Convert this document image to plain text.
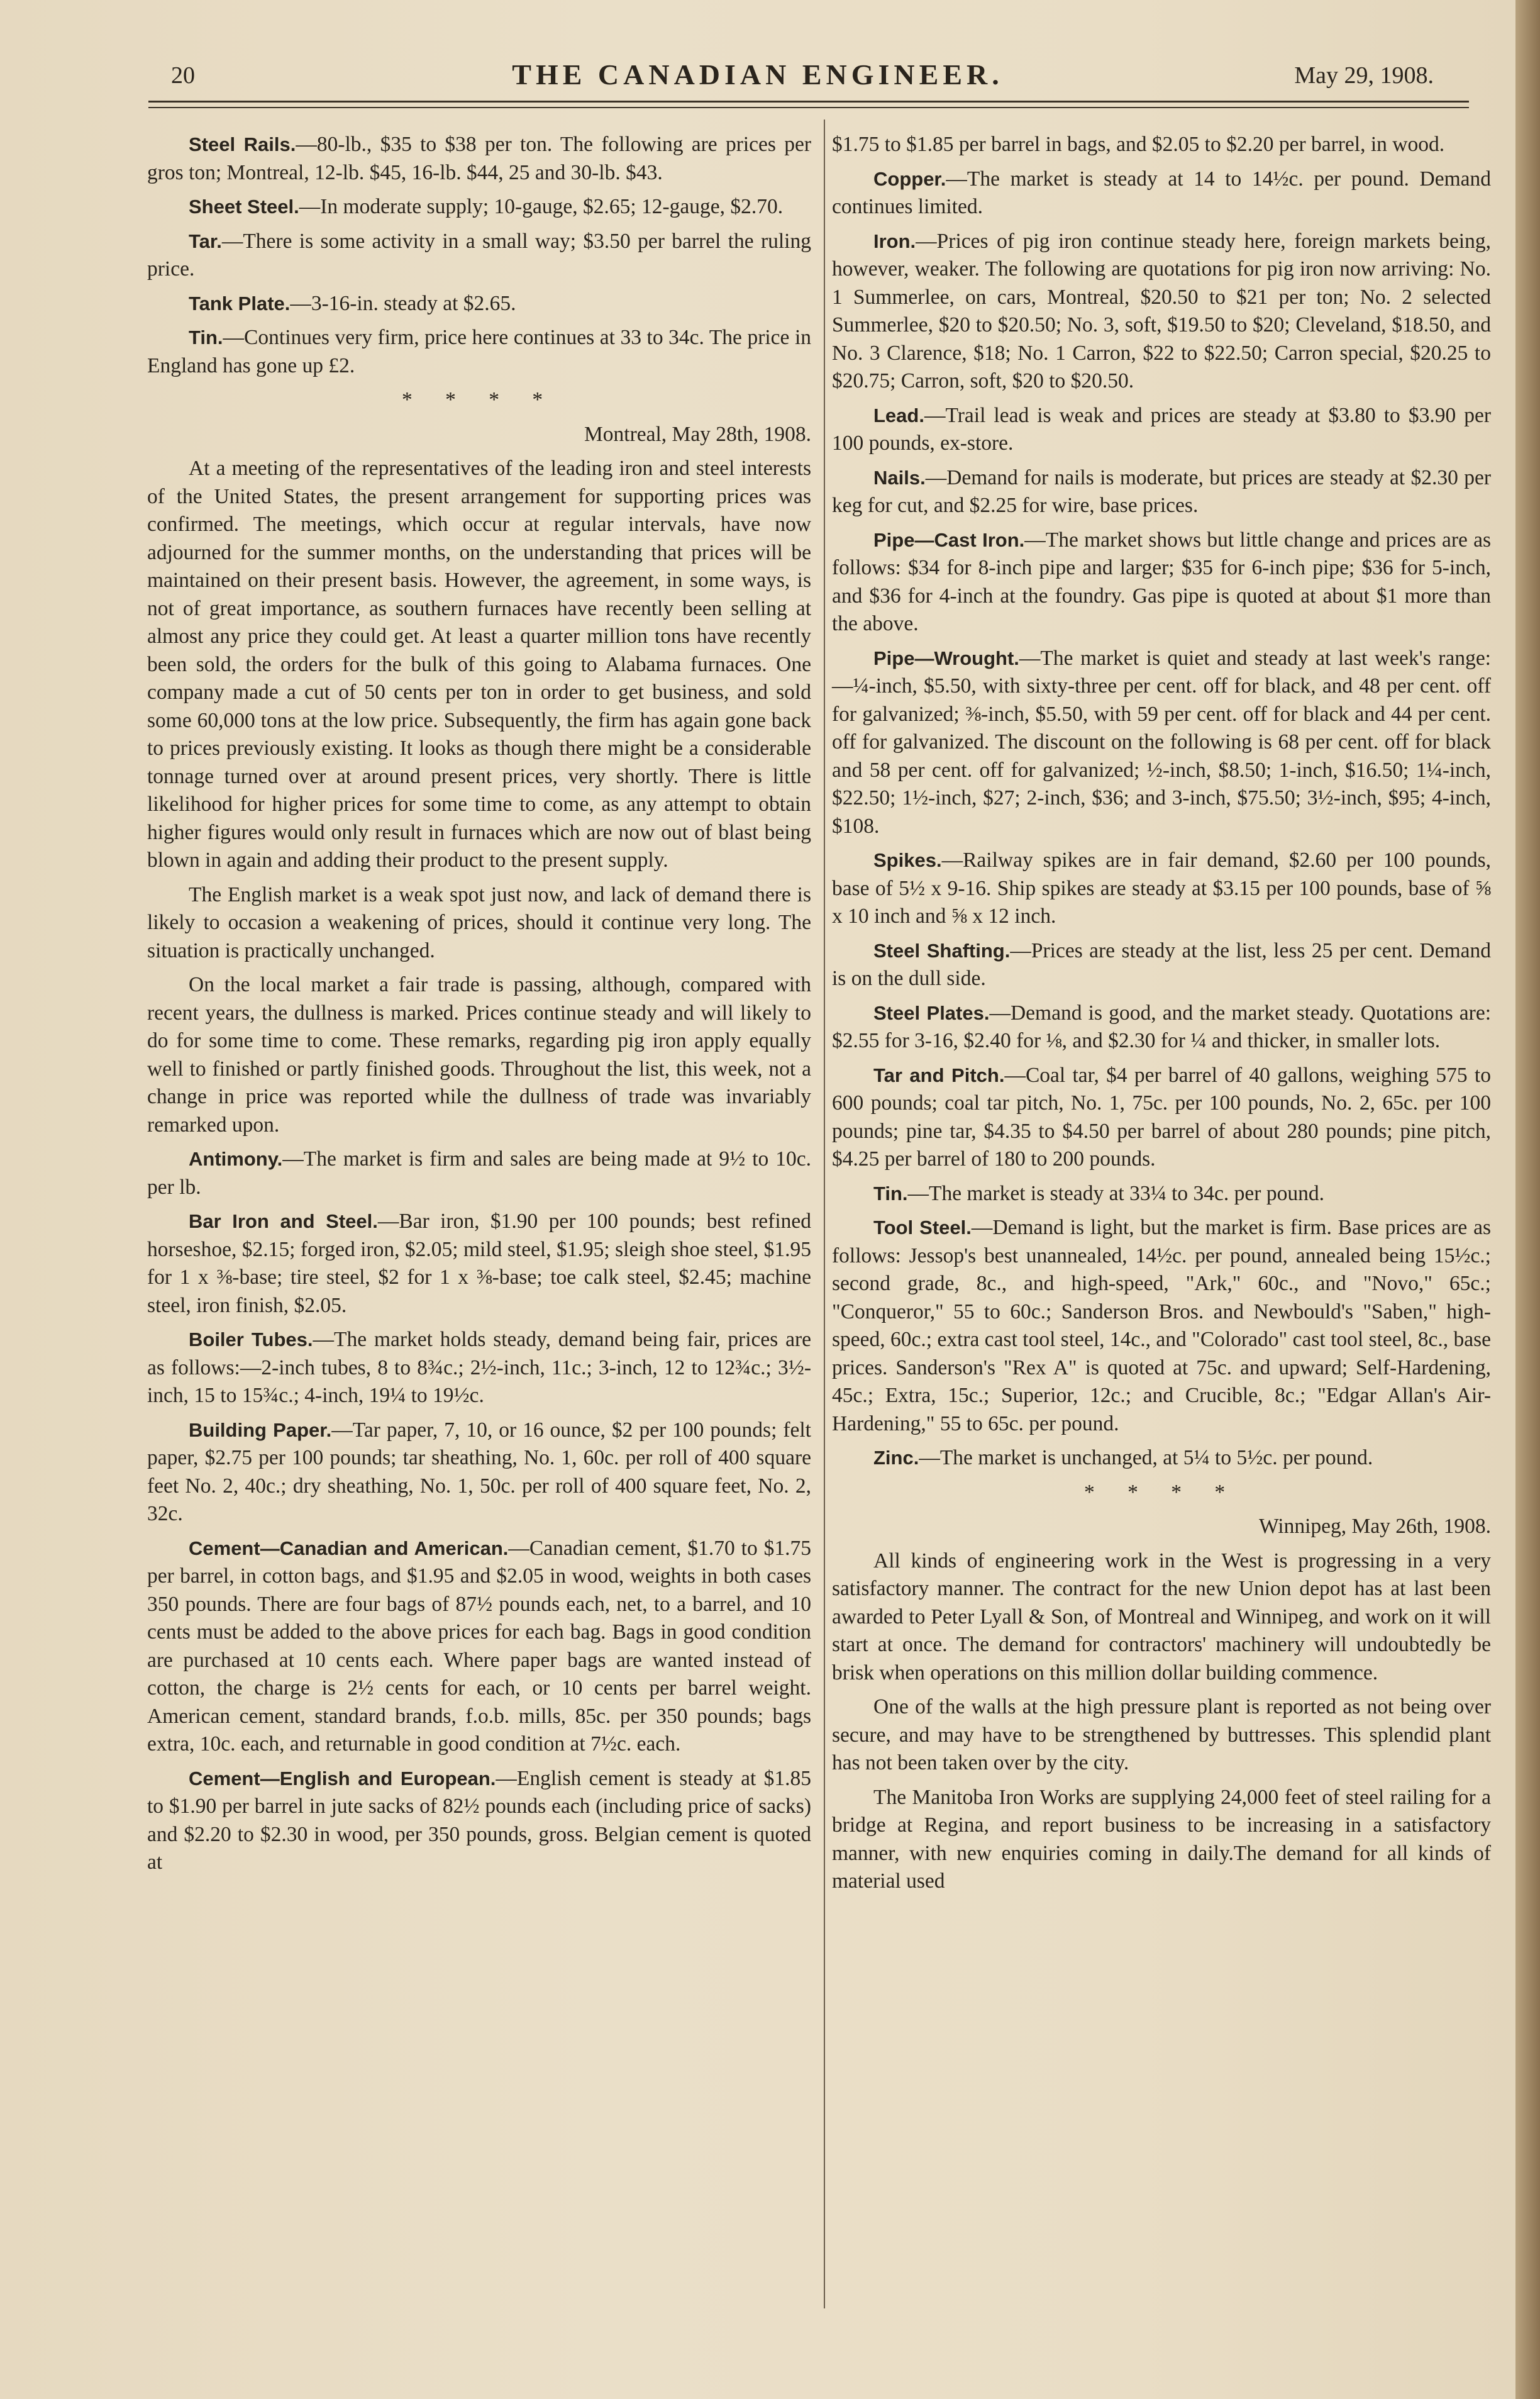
20	THE CANADIAN ENGINEER.	May 29, 1908.

Steel Rails.—80-lb., $35 to $38 per ton. The following are prices per gros ton; Montreal, 12-lb. $45, 16-lb. $44, 25 and 30-lb. $43.

Sheet Steel.—In moderate supply; 10-gauge, $2.65; 12-gauge, $2.70.

Tar.—There is some activity in a small way; $3.50 per barrel the ruling price.

Tank Plate.—3-16-in. steady at $2.65.

Tin.—Continues very firm, price here continues at 33 to 34c. The price in England has gone up £2.

* * * *

Montreal, May 28th, 1908.

At a meeting of the representatives of the leading iron and steel interests of the United States, the present arrangement for supporting prices was confirmed. The meetings, which occur at regular intervals, have now adjourned for the summer months, on the understanding that prices will be maintained on their present basis. However, the agreement, in some ways, is not of great importance, as southern furnaces have recently been selling at almost any price they could get. At least a quarter million tons have recently been sold, the orders for the bulk of this going to Alabama furnaces. One company made a cut of 50 cents per ton in order to get business, and sold some 60,000 tons at the low price. Subsequently, the firm has again gone back to prices previously existing. It looks as though there might be a considerable tonnage turned over at around present prices, very shortly. There is little likelihood for higher prices for some time to come, as any attempt to obtain higher figures would only result in furnaces which are now out of blast being blown in again and adding their product to the present supply.

The English market is a weak spot just now, and lack of demand there is likely to occasion a weakening of prices, should it continue very long. The situation is practically unchanged.

On the local market a fair trade is passing, although, compared with recent years, the dullness is marked. Prices continue steady and will likely to do for some time to come. These remarks, regarding pig iron apply equally well to finished or partly finished goods. Throughout the list, this week, not a change in price was reported while the dullness of trade was invariably remarked upon.

Antimony.—The market is firm and sales are being made at 9½ to 10c. per lb.

Bar Iron and Steel.—Bar iron, $1.90 per 100 pounds; best refined horseshoe, $2.15; forged iron, $2.05; mild steel, $1.95; sleigh shoe steel, $1.95 for 1 x ⅜-base; tire steel, $2 for 1 x ⅜-base; toe calk steel, $2.45; machine steel, iron finish, $2.05.

Boiler Tubes.—The market holds steady, demand being fair, prices are as follows:—2-inch tubes, 8 to 8¾c.; 2½-inch, 11c.; 3-inch, 12 to 12¾c.; 3½-inch, 15 to 15¾c.; 4-inch, 19¼ to 19½c.

Building Paper.—Tar paper, 7, 10, or 16 ounce, $2 per 100 pounds; felt paper, $2.75 per 100 pounds; tar sheathing, No. 1, 60c. per roll of 400 square feet No. 2, 40c.; dry sheathing, No. 1, 50c. per roll of 400 square feet, No. 2, 32c.

Cement—Canadian and American.—Canadian cement, $1.70 to $1.75 per barrel, in cotton bags, and $1.95 and $2.05 in wood, weights in both cases 350 pounds. There are four bags of 87½ pounds each, net, to a barrel, and 10 cents must be added to the above prices for each bag. Bags in good condition are purchased at 10 cents each. Where paper bags are wanted instead of cotton, the charge is 2½ cents for each, or 10 cents per barrel weight. American cement, standard brands, f.o.b. mills, 85c. per 350 pounds; bags extra, 10c. each, and returnable in good condition at 7½c. each.

Cement—English and European.—English cement is steady at $1.85 to $1.90 per barrel in jute sacks of 82½ pounds each (including price of sacks) and $2.20 to $2.30 in wood, per 350 pounds, gross. Belgian cement is quoted at

$1.75 to $1.85 per barrel in bags, and $2.05 to $2.20 per barrel, in wood.

Copper.—The market is steady at 14 to 14½c. per pound. Demand continues limited.

Iron.—Prices of pig iron continue steady here, foreign markets being, however, weaker. The following are quotations for pig iron now arriving: No. 1 Summerlee, on cars, Montreal, $20.50 to $21 per ton; No. 2 selected Summerlee, $20 to $20.50; No. 3, soft, $19.50 to $20; Cleveland, $18.50, and No. 3 Clarence, $18; No. 1 Carron, $22 to $22.50; Carron special, $20.25 to $20.75; Carron, soft, $20 to $20.50.

Lead.—Trail lead is weak and prices are steady at $3.80 to $3.90 per 100 pounds, ex-store.

Nails.—Demand for nails is moderate, but prices are steady at $2.30 per keg for cut, and $2.25 for wire, base prices.

Pipe—Cast Iron.—The market shows but little change and prices are as follows: $34 for 8-inch pipe and larger; $35 for 6-inch pipe; $36 for 5-inch, and $36 for 4-inch at the foundry. Gas pipe is quoted at about $1 more than the above.

Pipe—Wrought.—The market is quiet and steady at last week's range:—¼-inch, $5.50, with sixty-three per cent. off for black, and 48 per cent. off for galvanized; ⅜-inch, $5.50, with 59 per cent. off for black and 44 per cent. off for galvanized. The discount on the following is 68 per cent. off for black and 58 per cent. off for galvanized; ½-inch, $8.50; 1-inch, $16.50; 1¼-inch, $22.50; 1½-inch, $27; 2-inch, $36; and 3-inch, $75.50; 3½-inch, $95; 4-inch, $108.

Spikes.—Railway spikes are in fair demand, $2.60 per 100 pounds, base of 5½ x 9-16. Ship spikes are steady at $3.15 per 100 pounds, base of ⅝ x 10 inch and ⅝ x 12 inch.

Steel Shafting.—Prices are steady at the list, less 25 per cent. Demand is on the dull side.

Steel Plates.—Demand is good, and the market steady. Quotations are: $2.55 for 3-16, $2.40 for ⅛, and $2.30 for ¼ and thicker, in smaller lots.

Tar and Pitch.—Coal tar, $4 per barrel of 40 gallons, weighing 575 to 600 pounds; coal tar pitch, No. 1, 75c. per 100 pounds, No. 2, 65c. per 100 pounds; pine tar, $4.35 to $4.50 per barrel of about 280 pounds; pine pitch, $4.25 per barrel of 180 to 200 pounds.

Tin.—The market is steady at 33¼ to 34c. per pound.

Tool Steel.—Demand is light, but the market is firm. Base prices are as follows: Jessop's best unannealed, 14½c. per pound, annealed being 15½c.; second grade, 8c., and high-speed, "Ark," 60c., and "Novo," 65c.; "Conqueror," 55 to 60c.; Sanderson Bros. and Newbould's "Saben," high-speed, 60c.; extra cast tool steel, 14c., and "Colorado" cast tool steel, 8c., base prices. Sanderson's "Rex A" is quoted at 75c. and upward; Self-Hardening, 45c.; Extra, 15c.; Superior, 12c.; and Crucible, 8c.; "Edgar Allan's Air-Hardening," 55 to 65c. per pound.

Zinc.—The market is unchanged, at 5¼ to 5½c. per pound.

* * * *

Winnipeg, May 26th, 1908.

All kinds of engineering work in the West is progressing in a very satisfactory manner. The contract for the new Union depot has at last been awarded to Peter Lyall & Son, of Montreal and Winnipeg, and work on it will start at once. The demand for contractors' machinery will undoubtedly be brisk when operations on this million dollar building commence.

One of the walls at the high pressure plant is reported as not being over secure, and may have to be strengthened by buttresses. This splendid plant has not been taken over by the city.

The Manitoba Iron Works are supplying 24,000 feet of steel railing for a bridge at Regina, and report business to be increasing in a satisfactory manner, with new enquiries coming in daily.The demand for all kinds of material used
